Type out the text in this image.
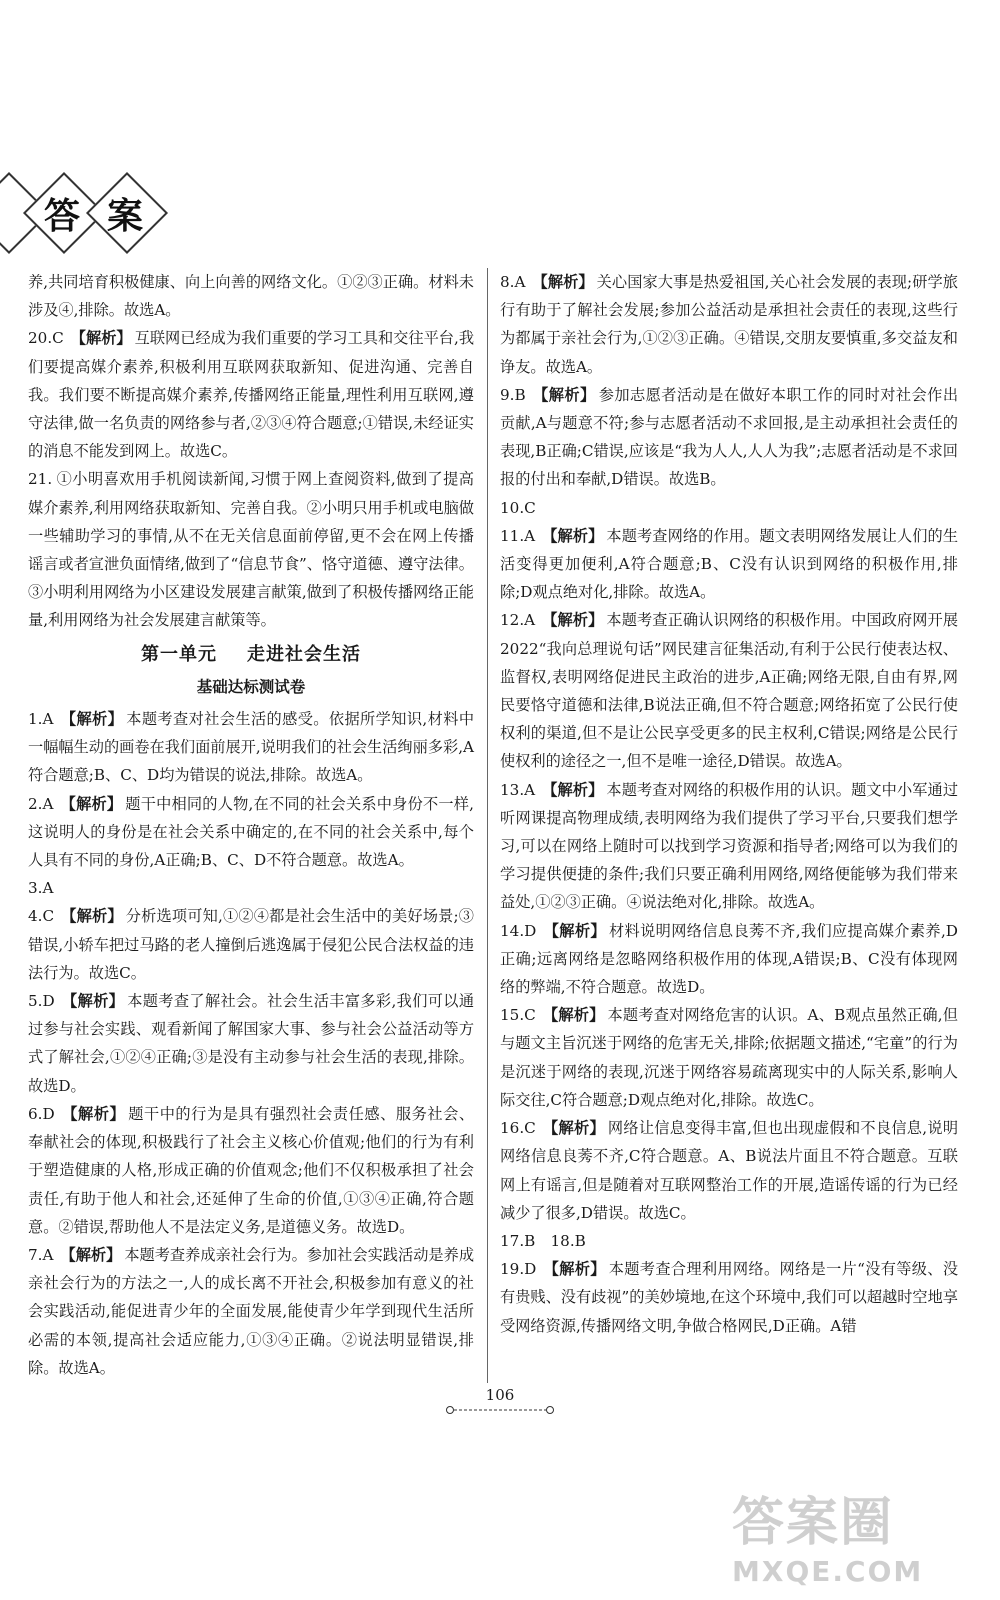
答 案

养,共同培育积极健康、向上向善的网络文化。①②③正确。材料未涉及④,排除。故选A。

20.C 【解析】 互联网已经成为我们重要的学习工具和交往平台,我们要提高媒介素养,积极利用互联网获取新知、促进沟通、完善自我。我们要不断提高媒介素养,传播网络正能量,理性利用互联网,遵守法律,做一名负责的网络参与者,②③④符合题意;①错误,未经证实的消息不能发到网上。故选C。

21. ①小明喜欢用手机阅读新闻,习惯于网上查阅资料,做到了提高媒介素养,利用网络获取新知、完善自我。②小明只用手机或电脑做一些辅助学习的事情,从不在无关信息面前停留,更不会在网上传播谣言或者宣泄负面情绪,做到了“信息节食”、恪守道德、遵守法律。③小明利用网络为小区建设发展建言献策,做到了积极传播网络正能量,利用网络为社会发展建言献策等。

第一单元 走进社会生活
基础达标测试卷

1.A 【解析】 本题考查对社会生活的感受。依据所学知识,材料中一幅幅生动的画卷在我们面前展开,说明我们的社会生活绚丽多彩,A符合题意;B、C、D均为错误的说法,排除。故选A。

2.A 【解析】 题干中相同的人物,在不同的社会关系中身份不一样,这说明人的身份是在社会关系中确定的,在不同的社会关系中,每个人具有不同的身份,A正确;B、C、D不符合题意。故选A。

3.A

4.C 【解析】 分析选项可知,①②④都是社会生活中的美好场景;③错误,小轿车把过马路的老人撞倒后逃逸属于侵犯公民合法权益的违法行为。故选C。

5.D 【解析】 本题考查了解社会。社会生活丰富多彩,我们可以通过参与社会实践、观看新闻了解国家大事、参与社会公益活动等方式了解社会,①②④正确;③是没有主动参与社会生活的表现,排除。故选D。

6.D 【解析】 题干中的行为是具有强烈社会责任感、服务社会、奉献社会的体现,积极践行了社会主义核心价值观;他们的行为有利于塑造健康的人格,形成正确的价值观念;他们不仅积极承担了社会责任,有助于他人和社会,还延伸了生命的价值,①③④正确,符合题意。②错误,帮助他人不是法定义务,是道德义务。故选D。

7.A 【解析】 本题考查养成亲社会行为。参加社会实践活动是养成亲社会行为的方法之一,人的成长离不开社会,积极参加有意义的社会实践活动,能促进青少年的全面发展,能使青少年学到现代生活所必需的本领,提高社会适应能力,①③④正确。②说法明显错误,排除。故选A。

8.A 【解析】 关心国家大事是热爱祖国,关心社会发展的表现;研学旅行有助于了解社会发展;参加公益活动是承担社会责任的表现,这些行为都属于亲社会行为,①②③正确。④错误,交朋友要慎重,多交益友和诤友。故选A。

9.B 【解析】 参加志愿者活动是在做好本职工作的同时对社会作出贡献,A与题意不符;参与志愿者活动不求回报,是主动承担社会责任的表现,B正确;C错误,应该是“我为人人,人人为我”;志愿者活动是不求回报的付出和奉献,D错误。故选B。

10.C

11.A 【解析】 本题考查网络的作用。题文表明网络发展让人们的生活变得更加便利,A符合题意;B、C没有认识到网络的积极作用,排除;D观点绝对化,排除。故选A。

12.A 【解析】 本题考查正确认识网络的积极作用。中国政府网开展2022“我向总理说句话”网民建言征集活动,有利于公民行使表达权、监督权,表明网络促进民主政治的进步,A正确;网络无限,自由有界,网民要恪守道德和法律,B说法正确,但不符合题意;网络拓宽了公民行使权利的渠道,但不是让公民享受更多的民主权利,C错误;网络是公民行使权利的途径之一,但不是唯一途径,D错误。故选A。

13.A 【解析】 本题考查对网络的积极作用的认识。题文中小军通过听网课提高物理成绩,表明网络为我们提供了学习平台,只要我们想学习,可以在网络上随时可以找到学习资源和指导者;网络可以为我们的学习提供便捷的条件;我们只要正确利用网络,网络便能够为我们带来益处,①②③正确。④说法绝对化,排除。故选A。

14.D 【解析】 材料说明网络信息良莠不齐,我们应提高媒介素养,D正确;远离网络是忽略网络积极作用的体现,A错误;B、C没有体现网络的弊端,不符合题意。故选D。

15.C 【解析】 本题考查对网络危害的认识。A、B观点虽然正确,但与题文主旨沉迷于网络的危害无关,排除;依据题文描述,“宅童”的行为是沉迷于网络的表现,沉迷于网络容易疏离现实中的人际关系,影响人际交往,C符合题意;D观点绝对化,排除。故选C。

16.C 【解析】 网络让信息变得丰富,但也出现虚假和不良信息,说明网络信息良莠不齐,C符合题意。A、B说法片面且不符合题意。互联网上有谣言,但是随着对互联网整治工作的开展,造谣传谣的行为已经减少了很多,D错误。故选C。

17.B　18.B

19.D 【解析】 本题考查合理利用网络。网络是一片“没有等级、没有贵贱、没有歧视”的美妙境地,在这个环境中,我们可以超越时空地享受网络资源,传播网络文明,争做合格网民,D正确。A错

106
答案圈
MXQE.COM
